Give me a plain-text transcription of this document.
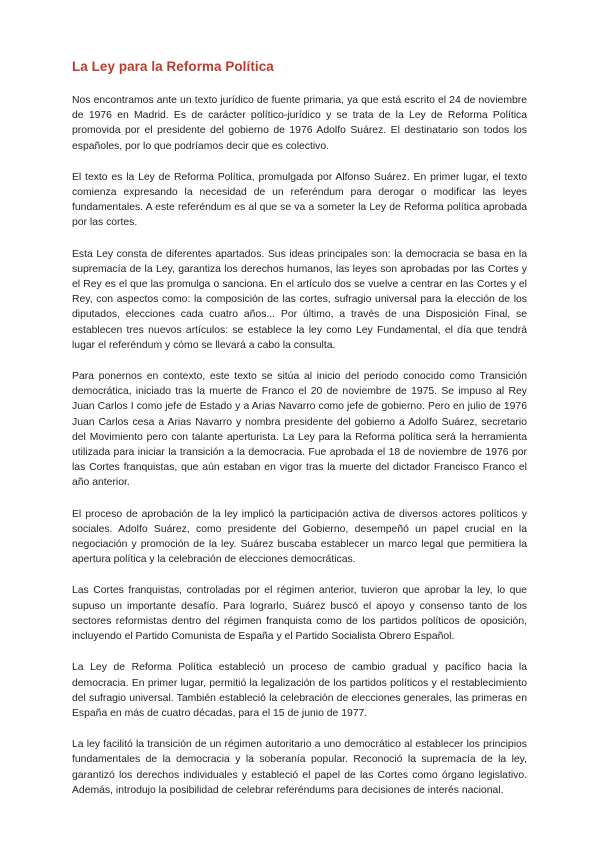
La Ley para la Reforma Política

Nos encontramos ante un texto jurídico de fuente primaria, ya que está escrito el 24 de noviembre de 1976 en Madrid. Es de carácter político-jurídico y se trata de la Ley de Reforma Política promovida por el presidente del gobierno de 1976 Adolfo Suárez. El destinatario son todos los españoles, por lo que podríamos decir que es colectivo.

El texto es la Ley de Reforma Política, promulgada por Alfonso Suárez. En primer lugar, el texto comienza expresando la necesidad de un referéndum para derogar o modificar las leyes fundamentales. A este referéndum es al que se va a someter la Ley de Reforma política aprobada por las cortes.

Esta Ley consta de diferentes apartados. Sus ideas principales son: la democracia se basa en la supremacía de la Ley, garantiza los derechos humanos, las leyes son aprobadas por las Cortes y el Rey es el que las promulga o sanciona. En el artículo dos se vuelve a centrar en las Cortes y el Rey, con aspectos como: la composición de las cortes, sufragio universal para la elección de los diputados, elecciones cada cuatro años... Por último, a través de una Disposición Final, se establecen tres nuevos artículos: se establece la ley como Ley Fundamental, el día que tendrá lugar el referéndum y cómo se llevará a cabo la consulta.

Para ponernos en contexto, este texto se sitúa al inicio del periodo conocido como Transición democrática, iniciado tras la muerte de Franco el 20 de noviembre de 1975. Se impuso al Rey Juan Carlos I como jefe de Estado y a Arias Navarro como jefe de gobierno. Pero en julio de 1976 Juan Carlos cesa a Arias Navarro y nombra presidente del gobierno a Adolfo Suárez, secretario del Movimiento pero con talante aperturista. La Ley para la Reforma política será la herramienta utilizada para iniciar la transición a la democracia. Fue aprobada el 18 de noviembre de 1976 por las Cortes franquistas, que aún estaban en vigor tras la muerte del dictador Francisco Franco el año anterior.

El proceso de aprobación de la ley implicó la participación activa de diversos actores políticos y sociales. Adolfo Suárez, como presidente del Gobierno, desempeñó un papel crucial en la negociación y promoción de la ley. Suárez buscaba establecer un marco legal que permitiera la apertura política y la celebración de elecciones democráticas.

Las Cortes franquistas, controladas por el régimen anterior, tuvieron que aprobar la ley, lo que supuso un importante desafío. Para lograrlo, Suárez buscó el apoyo y consenso tanto de los sectores reformistas dentro del régimen franquista como de los partidos políticos de oposición, incluyendo el Partido Comunista de España y el Partido Socialista Obrero Español.

La Ley de Reforma Política estableció un proceso de cambio gradual y pacífico hacia la democracia. En primer lugar, permitió la legalización de los partidos políticos y el restablecimiento del sufragio universal. También estableció la celebración de elecciones generales, las primeras en España en más de cuatro décadas, para el 15 de junio de 1977.

La ley facilitó la transición de un régimen autoritario a uno democrático al establecer los principios fundamentales de la democracia y la soberanía popular. Reconoció la supremacía de la ley, garantizó los derechos individuales y estableció el papel de las Cortes como órgano legislativo. Además, introdujo la posibilidad de celebrar referéndums para decisiones de interés nacional.
